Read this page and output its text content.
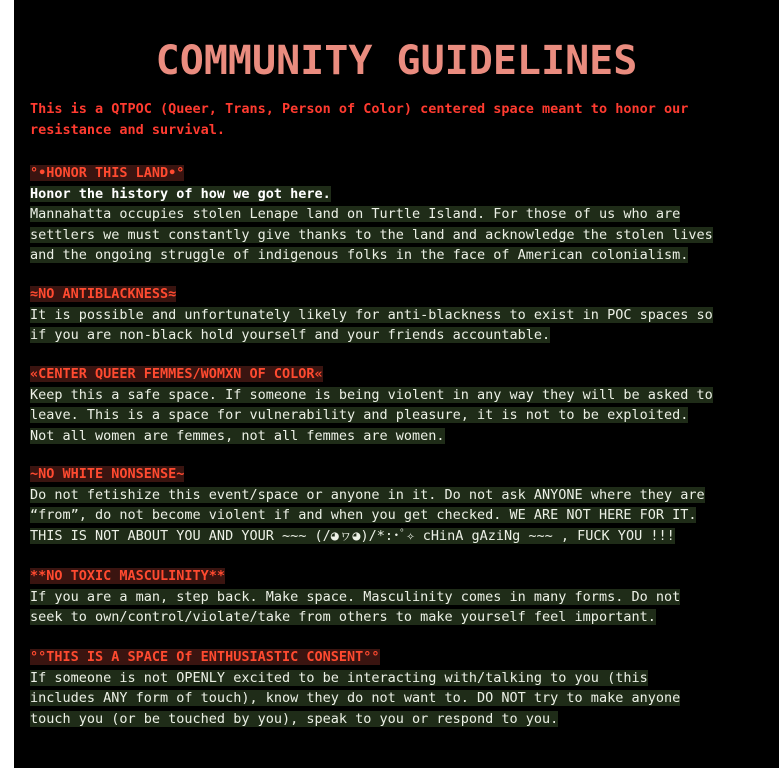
COMMUNITY GUIDELINES
This is a QTPOC (Queer, Trans, Person of Color) centered space meant to honor our
resistance and survival.
°•HONOR THIS LAND•°
Honor the history of how we got here.
Mannahatta occupies stolen Lenape land on Turtle Island. For those of us who are
settlers we must constantly give thanks to the land and acknowledge the stolen lives
and the ongoing struggle of indigenous folks in the face of American colonialism.
≈NO ANTIBLACKNESS≈
It is possible and unfortunately likely for anti-blackness to exist in POC spaces so
if you are non-black hold yourself and your friends accountable.
«CENTER QUEER FEMMES/WOMXN OF COLOR«
Keep this a safe space. If someone is being violent in any way they will be asked to
leave. This is a space for vulnerability and pleasure, it is not to be exploited.
Not all women are femmes, not all femmes are women.
~NO WHITE NONSENSE~
Do not fetishize this event/space or anyone in it. Do not ask ANYONE where they are
“from”, do not become violent if and when you get checked. WE ARE NOT HERE FOR IT.
THIS IS NOT ABOUT YOU AND YOUR ~~~ (/◕ヮ◕)/*:･ﾟ✧ cHinA gAziNg ~~~ , FUCK YOU !!!
**NO TOXIC MASCULINITY**
If you are a man, step back. Make space. Masculinity comes in many forms. Do not
seek to own/control/violate/take from others to make yourself feel important.
°°THIS IS A SPACE Of ENTHUSIASTIC CONSENT°°
If someone is not OPENLY excited to be interacting with/talking to you (this
includes ANY form of touch), know they do not want to. DO NOT try to make anyone
touch you (or be touched by you), speak to you or respond to you.
